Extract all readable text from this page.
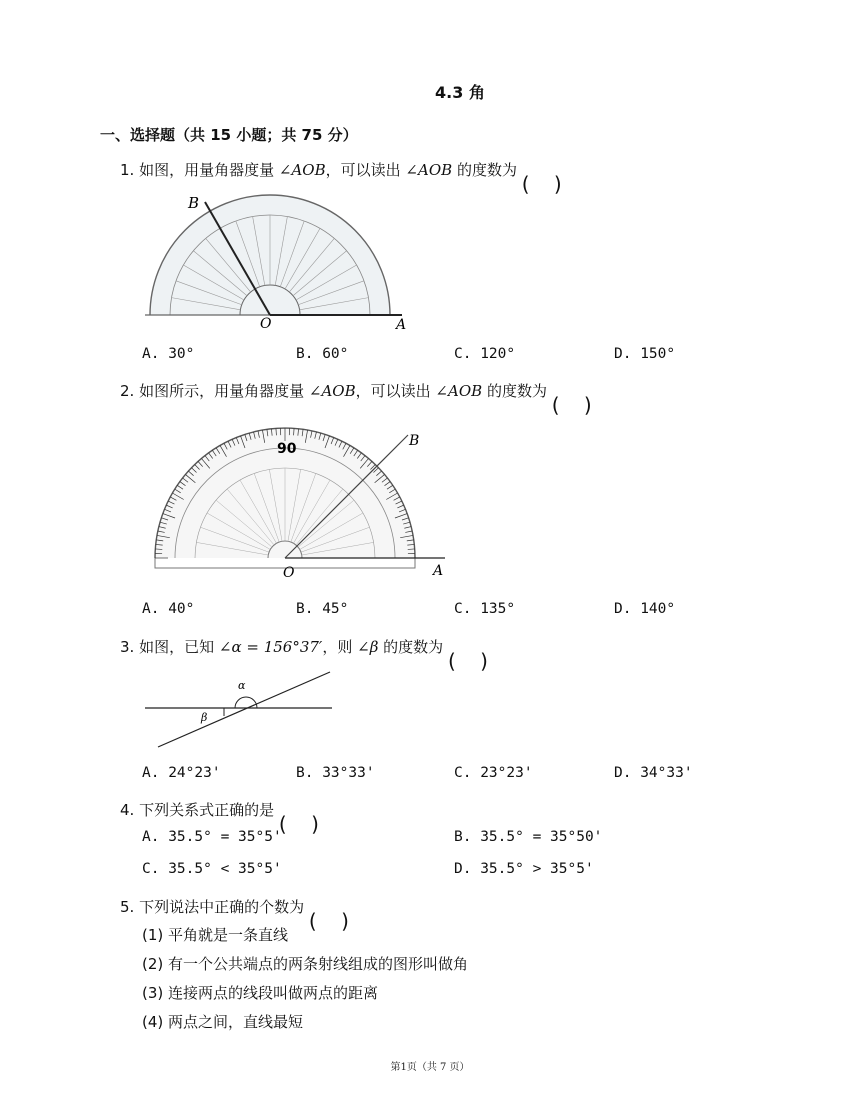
4.3 角
一、选择题（共 15 小题；共 75 分）
1. 如图，用量角器度量 ∠AOB，可以读出 ∠AOB 的度数为
B
O	A
A. 30°	B. 60°	C. 120°	D. 150°
2. 如图所示，用量角器度量 ∠AOB，可以读出 ∠AOB 的度数为
90	B
O	A
A. 40°	B. 45°	C. 135°	D. 140°
3. 如图，已知 ∠α = 156°37′，则 ∠β 的度数为
α
β
A. 24°23'	B. 33°33'	C. 23°23'	D. 34°33'
4. 下列关系式正确的是
A. 35.5° = 35°5'	B. 35.5° = 35°50'
C. 35.5° < 35°5'	D. 35.5° > 35°5'
5. 下列说法中正确的个数为
(1) 平角就是一条直线
(2) 有一个公共端点的两条射线组成的图形叫做角
(3) 连接两点的线段叫做两点的距离
(4) 两点之间，直线最短
第1页（共 7 页）
